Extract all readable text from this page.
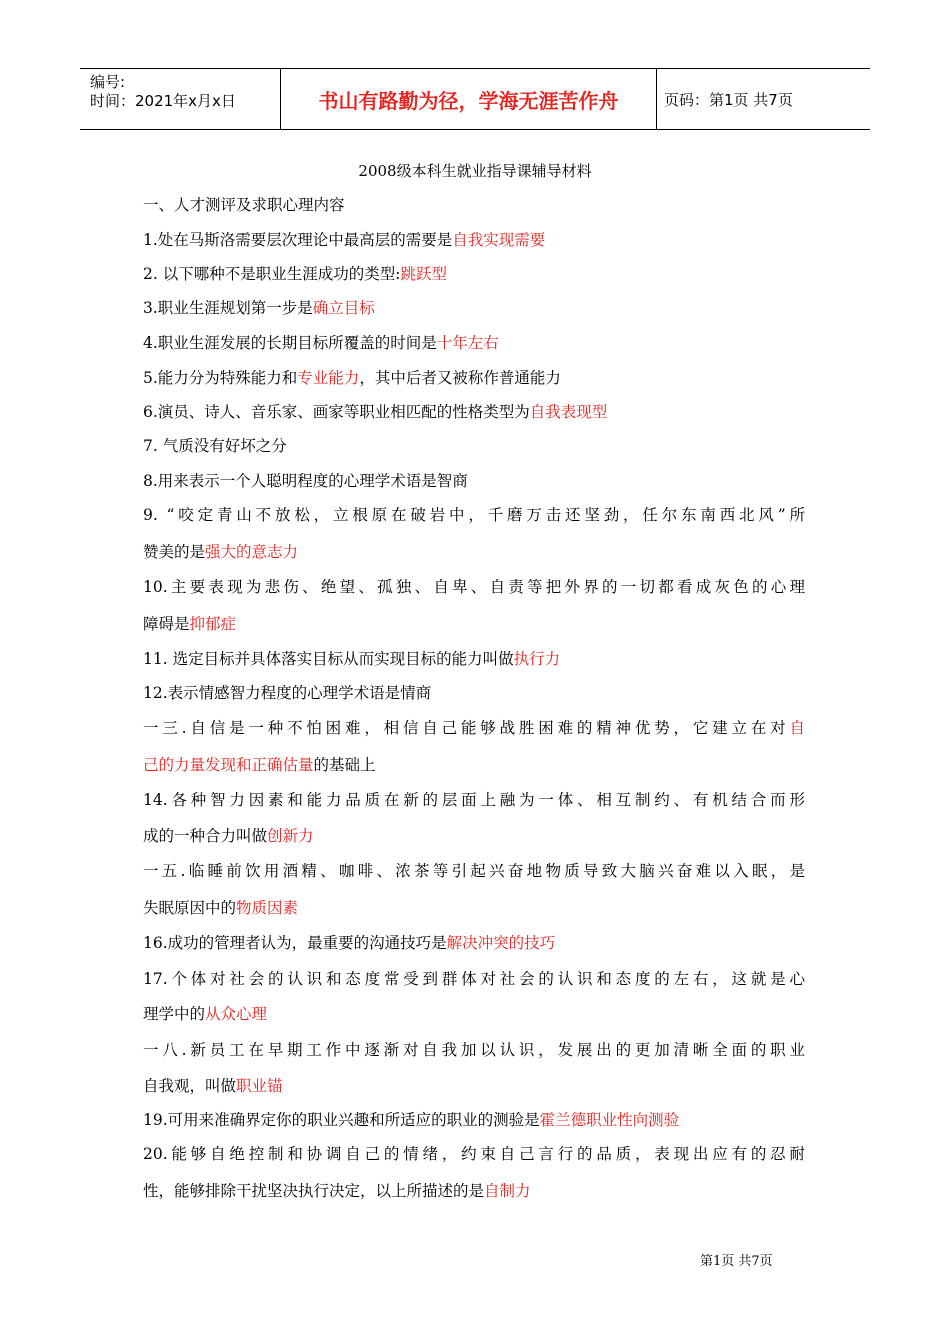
编号:
时间：2021年x月x日	书山有路勤为径，学海无涯苦作舟	页码：第1页 共7页
2008级本科生就业指导课辅导材料
一、人才测评及求职心理内容
1.处在马斯洛需要层次理论中最高层的需要是自我实现需要
2. 以下哪种不是职业生涯成功的类型:跳跃型
3.职业生涯规划第一步是确立目标
4.职业生涯发展的长期目标所覆盖的时间是十年左右
5.能力分为特殊能力和专业能力，其中后者又被称作普通能力
6.演员、诗人、音乐家、画家等职业相匹配的性格类型为自我表现型
7. 气质没有好坏之分
8.用来表示一个人聪明程度的心理学术语是智商
9. “咬定青山不放松，立根原在破岩中，千磨万击还坚劲，任尔东南西北风”所
赞美的是强大的意志力
10.主要表现为悲伤、绝望、孤独、自卑、自责等把外界的一切都看成灰色的心理
障碍是抑郁症
11. 选定目标并具体落实目标从而实现目标的能力叫做执行力
12.表示情感智力程度的心理学术语是情商
一三.自信是一种不怕困难，相信自己能够战胜困难的精神优势，它建立在对自
己的力量发现和正确估量的基础上
14.各种智力因素和能力品质在新的层面上融为一体、相互制约、有机结合而形
成的一种合力叫做创新力
一五.临睡前饮用酒精、咖啡、浓茶等引起兴奋地物质导致大脑兴奋难以入眠，是
失眠原因中的物质因素
16.成功的管理者认为，最重要的沟通技巧是解决冲突的技巧
17.个体对社会的认识和态度常受到群体对社会的认识和态度的左右，这就是心
理学中的从众心理
一八.新员工在早期工作中逐渐对自我加以认识，发展出的更加清晰全面的职业
自我观，叫做职业锚
19.可用来准确界定你的职业兴趣和所适应的职业的测验是霍兰德职业性向测验
20.能够自绝控制和协调自己的情绪，约束自己言行的品质，表现出应有的忍耐
性，能够排除干扰坚决执行决定，以上所描述的是自制力
第1页 共7页
